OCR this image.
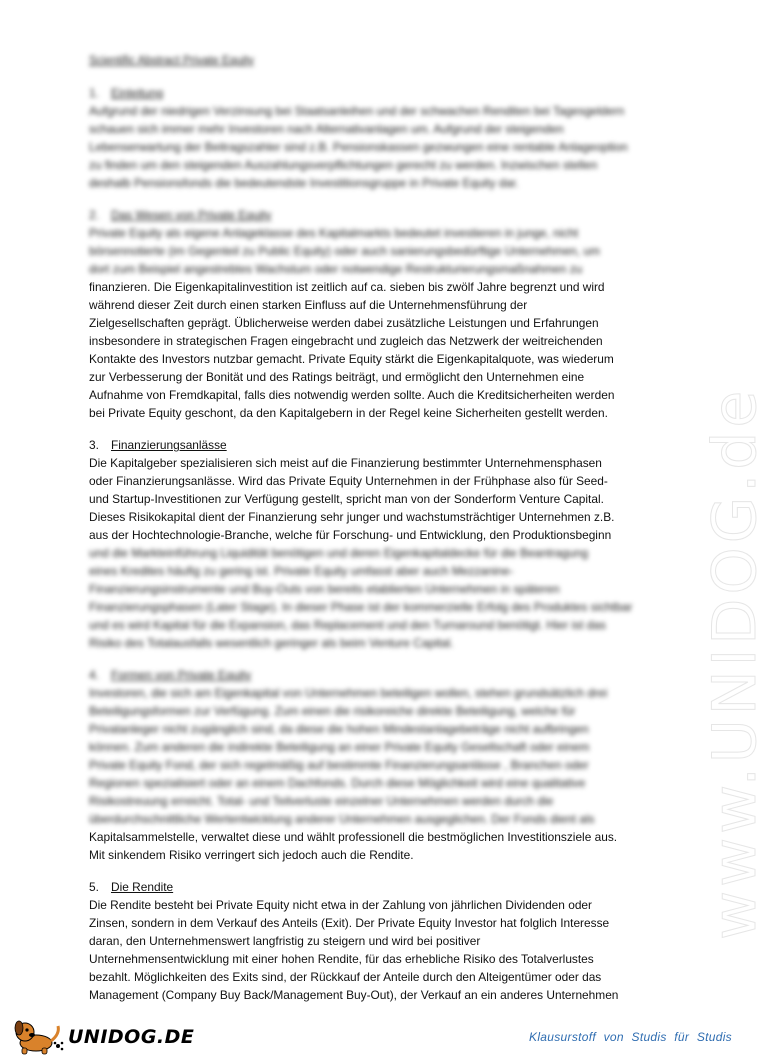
www.UNIDOG.de
Scientific Abstract Private Equity
1. Einleitung
Aufgrund der niedrigen Verzinsung bei Staatsanleihen und der schwachen Renditen bei Tagesgeldern
schauen sich immer mehr Investoren nach Alternativanlagen um. Aufgrund der steigenden
Lebenserwartung der Beitragszahler sind z.B. Pensionskassen gezwungen eine rentable Anlageoption
zu finden um den steigenden Auszahlungsverpflichtungen gerecht zu werden. Inzwischen stellen
deshalb Pensionsfonds die bedeutendste Investitionsgruppe in Private Equity dar.
2. Das Wesen von Private Equity
Private Equity als eigene Anlageklasse des Kapitalmarkts bedeutet investieren in junge, nicht
börsennotierte (im Gegenteil zu Public Equity) oder auch sanierungsbedürftige Unternehmen, um
dort zum Beispiel angestrebtes Wachstum oder notwendige Restrukturierungsmaßnahmen zu
finanzieren. Die Eigenkapitalinvestition ist zeitlich auf ca. sieben bis zwölf Jahre begrenzt und wird
während dieser Zeit durch einen starken Einfluss auf die Unternehmensführung der
Zielgesellschaften geprägt. Üblicherweise werden dabei zusätzliche Leistungen und Erfahrungen
insbesondere in strategischen Fragen eingebracht und zugleich das Netzwerk der weitreichenden
Kontakte des Investors nutzbar gemacht. Private Equity stärkt die Eigenkapitalquote, was wiederum
zur Verbesserung der Bonität und des Ratings beiträgt, und ermöglicht den Unternehmen eine
Aufnahme von Fremdkapital, falls dies notwendig werden sollte. Auch die Kreditsicherheiten werden
bei Private Equity geschont, da den Kapitalgebern in der Regel keine Sicherheiten gestellt werden.
3. Finanzierungsanlässe
Die Kapitalgeber spezialisieren sich meist auf die Finanzierung bestimmter Unternehmensphasen
oder Finanzierungsanlässe. Wird das Private Equity Unternehmen in der Frühphase also für Seed-
und Startup-Investitionen zur Verfügung gestellt, spricht man von der Sonderform Venture Capital.
Dieses Risikokapital dient der Finanzierung sehr junger und wachstumsträchtiger Unternehmen z.B.
aus der Hochtechnologie-Branche, welche für Forschung- und Entwicklung, den Produktionsbeginn
und die Markteinführung Liquidität benötigen und deren Eigenkapitaldecke für die Beantragung
eines Kredites häufig zu gering ist. Private Equity umfasst aber auch Mezzanine-
Finanzierungsinstrumente und Buy-Outs von bereits etablierten Unternehmen in späteren
Finanzierungsphasen (Later Stage). In dieser Phase ist der kommerzielle Erfolg des Produktes sichtbar
und es wird Kapital für die Expansion, das Replacement und den Turnaround benötigt. Hier ist das
Risiko des Totalausfalls wesentlich geringer als beim Venture Capital.
4. Formen von Private Equity
Investoren, die sich am Eigenkapital von Unternehmen beteiligen wollen, stehen grundsätzlich drei
Beteiligungsformen zur Verfügung. Zum einen die risikoreiche direkte Beteiligung, welche für
Privatanleger nicht zugänglich sind, da diese die hohen Mindestanlagebeträge nicht aufbringen
können. Zum anderen die indirekte Beteiligung an einer Private Equity Gesellschaft oder einem
Private Equity Fond, der sich regelmäßig auf bestimmte Finanzierungsanlässe , Branchen oder
Regionen spezialisiert oder an einem Dachfonds. Durch diese Möglichkeit wird eine qualitative
Risikostreuung erreicht. Total- und Teilverluste einzelner Unternehmen werden durch die
überdurchschnittliche Wertentwicklung anderer Unternehmen ausgeglichen. Der Fonds dient als
Kapitalsammelstelle, verwaltet diese und wählt professionell die bestmöglichen Investitionsziele aus.
Mit sinkendem Risiko verringert sich jedoch auch die Rendite.
5. Die Rendite
Die Rendite besteht bei Private Equity nicht etwa in der Zahlung von jährlichen Dividenden oder
Zinsen, sondern in dem Verkauf des Anteils (Exit). Der Private Equity Investor hat folglich Interesse
daran, den Unternehmenswert langfristig zu steigern und wird bei positiver
Unternehmensentwicklung mit einer hohen Rendite, für das erhebliche Risiko des Totalverlustes
bezahlt. Möglichkeiten des Exits sind, der Rückkauf der Anteile durch den Alteigentümer oder das
Management (Company Buy Back/Management Buy-Out), der Verkauf an ein anderes Unternehmen
UNIDOG.DE	Klausurstoff von Studis für Studis
